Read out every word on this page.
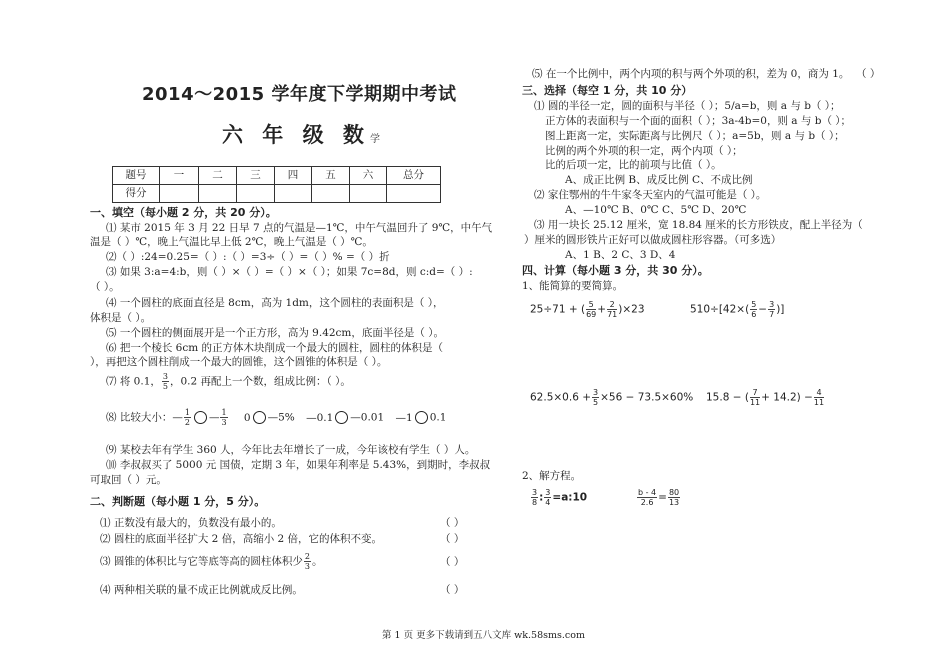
2014～2015 学年度下学期期中考试
六 年 级 数学
题号	一	二	三	四	五	六	总分
得分							
一、填空（每小题 2 分，共 20 分）。
⑴ 某市 2015 年 3 月 22 日早 7 点的气温是—1℃，中午气温回升了 9℃，中午气
温是（ ）℃，晚上气温比早上低 2℃，晚上气温是（ ）℃。
⑵（ ）:24=0.25=（ ）:（ ）=3÷（ ）=（ ）% =（ ）折
⑶ 如果 3:a=4:b，则（ ）×（ ）=（ ）×（ ）；如果 7c=8d，则 c:d=（ ）:
（ ）。
⑷ 一个圆柱的底面直径是 8cm，高为 1dm，这个圆柱的表面积是（ ），
体积是（ ）。
⑸ 一个圆柱的侧面展开是一个正方形，高为 9.42cm，底面半径是（ ）。
⑹ 把一个棱长 6cm 的正方体木块削成一个最大的圆柱，圆柱的体积是（
），再把这个圆柱削成一个最大的圆锥，这个圆锥的体积是（ ）。
⑺ 将 0.1， $\frac{3}{5}$ ，0.2 再配上一个数，组成比例：（ ）。
⑻ 比较大小：— $\frac{1}{2}$ — $\frac{1}{3} 0$ —5% —0.1 —0.01 —1 0.1
⑼ 某校去年有学生 360 人，今年比去年增长了一成，今年该校有学生（ ）人。
⑽ 李叔叔买了 5000 元 国债，定期 3 年，如果年利率是 5.43%，到期时，李叔叔
可取回（ ）元。
二、判断题（每小题 1 分，5 分）。
⑴ 正数没有最大的，负数没有最小的。	（ ）
⑵ 圆柱的底面半径扩大 2 倍，高缩小 2 倍，它的体积不变。	（ ）
⑶ 圆锥的体积比与它等底等高的圆柱体积少 $\frac{2}{3}$ 。	（ ）
⑷ 两种相关联的量不成正比例就成反比例。	（ ）
⑸ 在一个比例中，两个内项的积与两个外项的积，差为 0，商为 1。 （ ）
三、选择（每空 1 分，共 10 分）
⑴ 圆的半径一定，圆的面积与半径（ ）；5/a=b，则 a 与 b（ ）；
正方体的表面积与一个面的面积（ ）；3a-4b=0，则 a 与 b（ ）；
图上距离一定，实际距离与比例尺（ ）；a=5b，则 a 与 b（ ）；
比例的两个外项的积一定，两个内项（ ）；
比的后项一定，比的前项与比值（ ）。
A、成正比例 B、成反比例 C、不成比例
⑵ 家住鄂州的牛牛家冬天室内的气温可能是（ ）。
A、—10℃ B、0℃ C、5℃ D、20℃
⑶ 用一块长 25.12 厘米，宽 18.84 厘米的长方形铁皮，配上半径为（
）厘米的圆形铁片正好可以做成圆柱形容器。（可多选）
A、1 B、2 C、3 D、4
四、计算（每小题 3 分，共 30 分）。
1、能简算的要简算。
25÷71 + ( $\frac{5}{69} + \frac{2}{71} )\times 23$	$510\div[42\times( \frac{5}{6} - \frac{3}{7}$ )]
$62.5\times 0.6 + \frac{3}{5} \times 56 - 73.5\times 60\%$ 15.8 − ( $\frac{7}{11} + 14.2) - \frac{4}{11}$
2、解方程。
$\frac{3}{8}$ : $\frac{3}{4}$ =a:10	$\frac{b - 4}{2.6} = \frac{80}{13}$
第 1 页 更多下载请到五八文库 wk.58sms.com
